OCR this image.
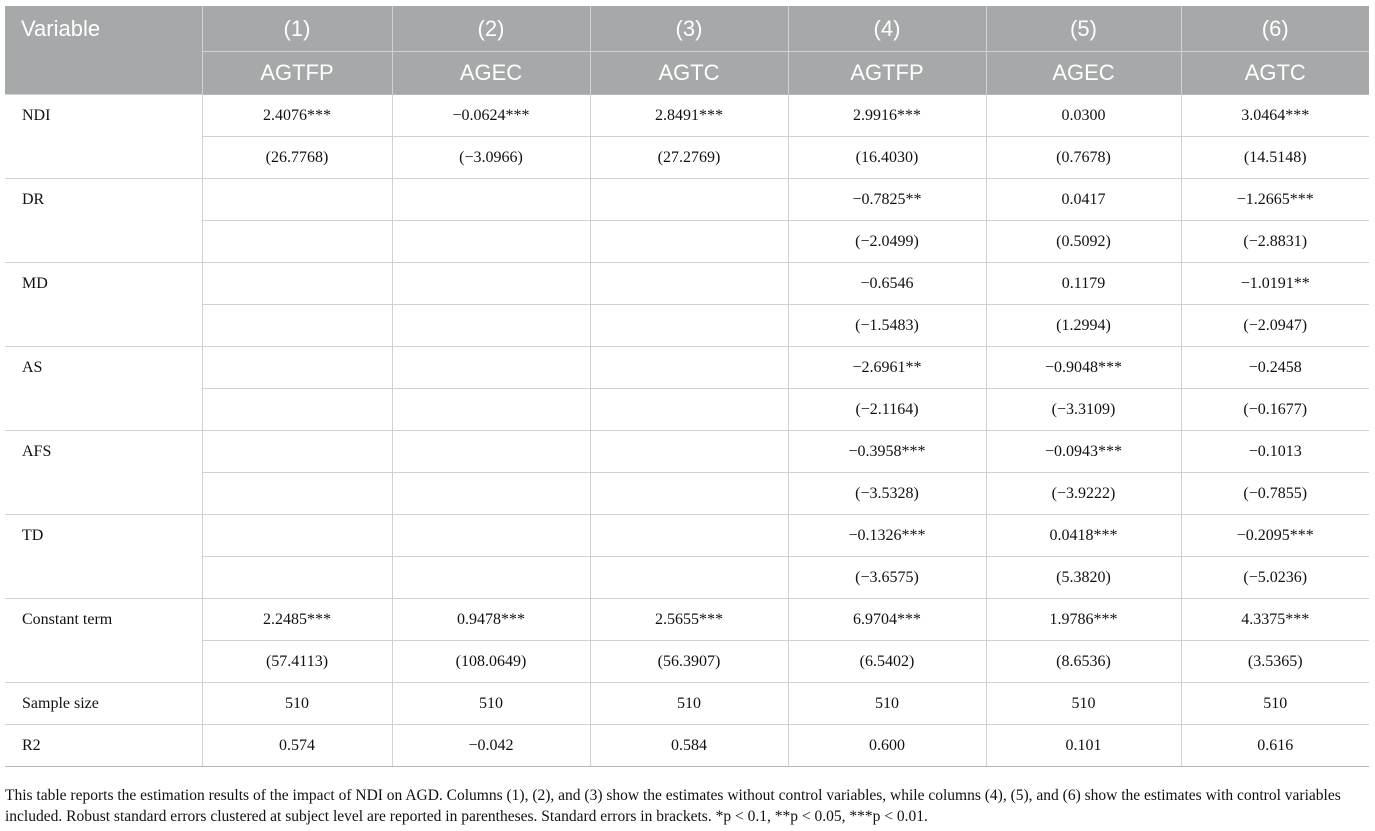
Variable	(1)	(2)	(3)	(4)	(5)	(6)
	AGTFP	AGEC	AGTC	AGTFP	AGEC	AGTC
NDI	2.4076***	−0.0624***	2.8491***	2.9916***	0.0300	3.0464***
	(26.7768)	(−3.0966)	(27.2769)	(16.4030)	(0.7678)	(14.5148)
DR				−0.7825**	0.0417	−1.2665***
				(−2.0499)	(0.5092)	(−2.8831)
MD				−0.6546	0.1179	−1.0191**
				(−1.5483)	(1.2994)	(−2.0947)
AS				−2.6961**	−0.9048***	−0.2458
				(−2.1164)	(−3.3109)	(−0.1677)
AFS				−0.3958***	−0.0943***	−0.1013
				(−3.5328)	(−3.9222)	(−0.7855)
TD				−0.1326***	0.0418***	−0.2095***
				(−3.6575)	(5.3820)	(−5.0236)
Constant term	2.2485***	0.9478***	2.5655***	6.9704***	1.9786***	4.3375***
	(57.4113)	(108.0649)	(56.3907)	(6.5402)	(8.6536)	(3.5365)
Sample size	510	510	510	510	510	510
R2	0.574	−0.042	0.584	0.600	0.101	0.616
This table reports the estimation results of the impact of NDI on AGD. Columns (1), (2), and (3) show the estimates without control variables, while columns (4), (5), and (6) show the estimates with control variables included. Robust standard errors clustered at subject level are reported in parentheses. Standard errors in brackets. *p < 0.1, **p < 0.05, ***p < 0.01.
